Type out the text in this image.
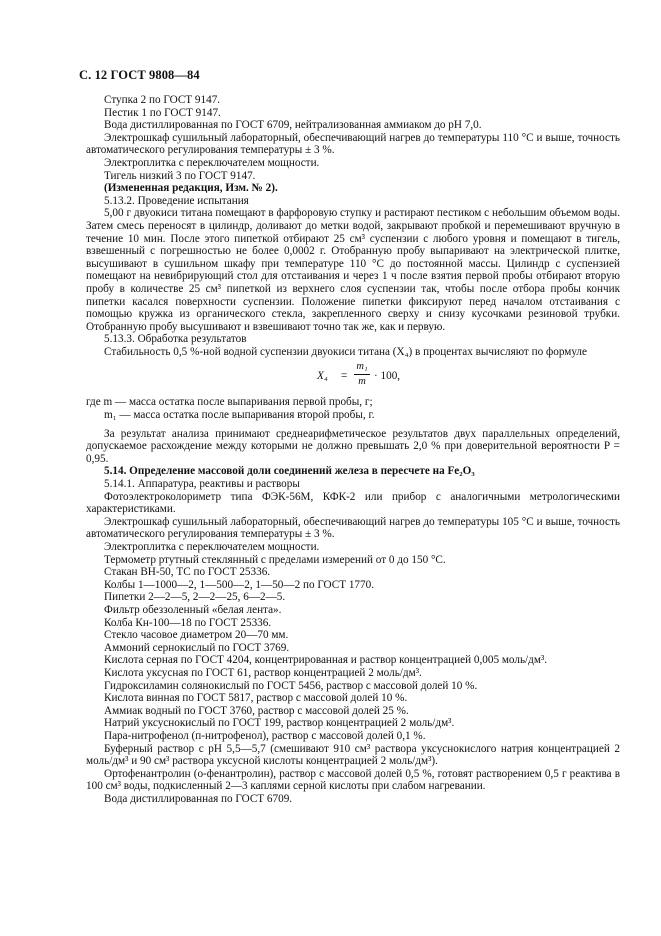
С. 12 ГОСТ 9808—84

Ступка 2 по ГОСТ 9147.

Пестик 1 по ГОСТ 9147.

Вода дистиллированная по ГОСТ 6709, нейтрализованная аммиаком до рН 7,0.

Электрошкаф сушильный лабораторный, обеспечивающий нагрев до температуры 110 °С и выше, точность автоматического регулирования температуры ± 3 %.

Электроплитка с переключателем мощности.

Тигель низкий 3 по ГОСТ 9147.

(Измененная редакция, Изм. № 2).

5.13.2. Проведение испытания

5,00 г двуокиси титана помещают в фарфоровую ступку и растирают пестиком с небольшим объемом воды. Затем смесь переносят в цилиндр, доливают до метки водой, закрывают пробкой и перемешивают вручную в течение 10 мин. После этого пипеткой отбирают 25 см³ суспензии с любого уровня и помещают в тигель, взвешенный с погрешностью не более 0,0002 г. Отобранную пробу выпаривают на электрической плитке, высушивают в сушильном шкафу при температуре 110 °С до постоянной массы. Цилиндр с суспензией помещают на невибрирующий стол для отстаивания и через 1 ч после взятия первой пробы отбирают вторую пробу в количестве 25 см³ пипеткой из верхнего слоя суспензии так, чтобы после отбора пробы кончик пипетки касался поверхности суспензии. Положение пипетки фиксируют перед началом отстаивания с помощью кружка из органического стекла, закрепленного сверху и снизу кусочками резиновой трубки. Отобранную пробу высушивают и взвешивают точно так же, как и первую.

5.13.3. Обработка результатов

Стабильность 0,5 %-ной водной суспензии двуокиси титана (X₄) в процентах вычисляют по формуле

$X_4 = \frac{\text{m₁}}{m} \cdot 100$,

где m — масса остатка после выпаривания первой пробы, г;

m₁ — масса остатка после выпаривания второй пробы, г.

За результат анализа принимают среднеарифметическое результатов двух параллельных определений, допускаемое расхождение между которыми не должно превышать 2,0 % при доверительной вероятности P = 0,95.

5.14. Определение массовой доли соединений железа в пересчете на Fe₂O₃

5.14.1. Аппаратура, реактивы и растворы

Фотоэлектроколориметр типа ФЭК-56М, КФК-2 или прибор с аналогичными метрологическими характеристиками.

Электрошкаф сушильный лабораторный, обеспечивающий нагрев до температуры 105 °С и выше, точность автоматического регулирования температуры ± 3 %.

Электроплитка с переключателем мощности.

Термометр ртутный стеклянный с пределами измерений от 0 до 150 °С.

Стакан ВН-50, ТС по ГОСТ 25336.

Колбы 1—1000—2, 1—500—2, 1—50—2 по ГОСТ 1770.

Пипетки 2—2—5, 2—2—25, 6—2—5.

Фильтр обеззоленный «белая лента».

Колба Кн-100—18 по ГОСТ 25336.

Стекло часовое диаметром 20—70 мм.

Аммоний сернокислый по ГОСТ 3769.

Кислота серная по ГОСТ 4204, концентрированная и раствор концентрацией 0,005 моль/дм³.

Кислота уксусная по ГОСТ 61, раствор концентрацией 2 моль/дм³.

Гидроксиламин солянокислый по ГОСТ 5456, раствор с массовой долей 10 %.

Кислота винная по ГОСТ 5817, раствор с массовой долей 10 %.

Аммиак водный по ГОСТ 3760, раствор с массовой долей 25 %.

Натрий уксуснокислый по ГОСТ 199, раствор концентрацией 2 моль/дм³.

Пара-нитрофенол (п-нитрофенол), раствор с массовой долей 0,1 %.

Буферный раствор с рН 5,5—5,7 (смешивают 910 см³ раствора уксуснокислого натрия концентрацией 2 моль/дм³ и 90 см³ раствора уксусной кислоты концентрацией 2 моль/дм³).

Ортофенантролин (о-фенантролин), раствор с массовой долей 0,5 %, готовят растворением 0,5 г реактива в 100 см³ воды, подкисленный 2—3 каплями серной кислоты при слабом нагревании.

Вода дистиллированная по ГОСТ 6709.
